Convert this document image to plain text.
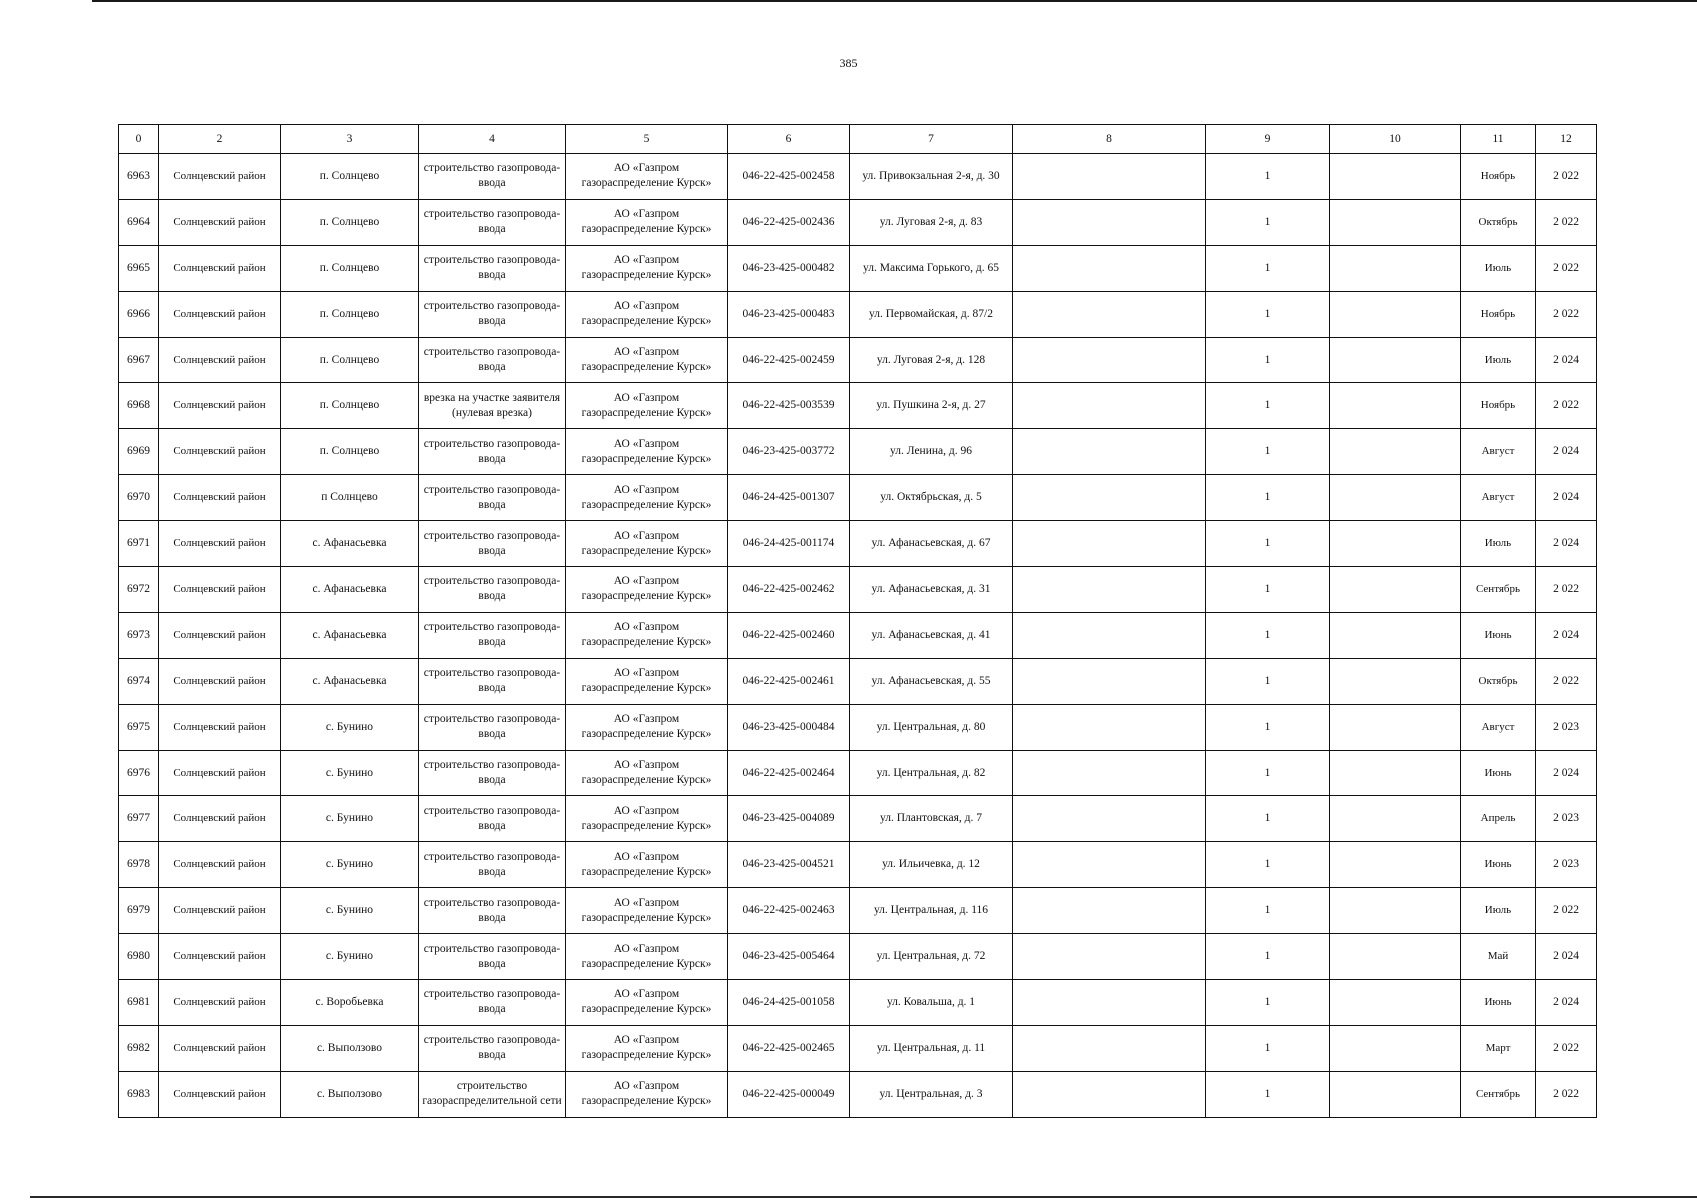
385
0	2	3	4	5	6	7	8	9	10	11	12
6963	Солнцевский район	п. Солнцево	строительство газопровода-ввода	АО «Газпром газораспределение Курск»	046-22-425-002458	ул. Привокзальная 2-я, д. 30		1		Ноябрь	2 022
6964	Солнцевский район	п. Солнцево	строительство газопровода-ввода	АО «Газпром газораспределение Курск»	046-22-425-002436	ул. Луговая 2-я, д. 83		1		Октябрь	2 022
6965	Солнцевский район	п. Солнцево	строительство газопровода-ввода	АО «Газпром газораспределение Курск»	046-23-425-000482	ул. Максима Горького, д. 65		1		Июль	2 022
6966	Солнцевский район	п. Солнцево	строительство газопровода-ввода	АО «Газпром газораспределение Курск»	046-23-425-000483	ул. Первомайская, д. 87/2		1		Ноябрь	2 022
6967	Солнцевский район	п. Солнцево	строительство газопровода-ввода	АО «Газпром газораспределение Курск»	046-22-425-002459	ул. Луговая 2-я, д. 128		1		Июль	2 024
6968	Солнцевский район	п. Солнцево	врезка на участке заявителя (нулевая врезка)	АО «Газпром газораспределение Курск»	046-22-425-003539	ул. Пушкина 2-я, д. 27		1		Ноябрь	2 022
6969	Солнцевский район	п. Солнцево	строительство газопровода-ввода	АО «Газпром газораспределение Курск»	046-23-425-003772	ул. Ленина, д. 96		1		Август	2 024
6970	Солнцевский район	п Солнцево	строительство газопровода-ввода	АО «Газпром газораспределение Курск»	046-24-425-001307	ул. Октябрьская, д. 5		1		Август	2 024
6971	Солнцевский район	с. Афанасьевка	строительство газопровода-ввода	АО «Газпром газораспределение Курск»	046-24-425-001174	ул. Афанасьевская, д. 67		1		Июль	2 024
6972	Солнцевский район	с. Афанасьевка	строительство газопровода-ввода	АО «Газпром газораспределение Курск»	046-22-425-002462	ул. Афанасьевская, д. 31		1		Сентябрь	2 022
6973	Солнцевский район	с. Афанасьевка	строительство газопровода-ввода	АО «Газпром газораспределение Курск»	046-22-425-002460	ул. Афанасьевская, д. 41		1		Июнь	2 024
6974	Солнцевский район	с. Афанасьевка	строительство газопровода-ввода	АО «Газпром газораспределение Курск»	046-22-425-002461	ул. Афанасьевская, д. 55		1		Октябрь	2 022
6975	Солнцевский район	с. Бунино	строительство газопровода-ввода	АО «Газпром газораспределение Курск»	046-23-425-000484	ул. Центральная, д. 80		1		Август	2 023
6976	Солнцевский район	с. Бунино	строительство газопровода-ввода	АО «Газпром газораспределение Курск»	046-22-425-002464	ул. Центральная, д. 82		1		Июнь	2 024
6977	Солнцевский район	с. Бунино	строительство газопровода-ввода	АО «Газпром газораспределение Курск»	046-23-425-004089	ул. Плантовская, д. 7		1		Апрель	2 023
6978	Солнцевский район	с. Бунино	строительство газопровода-ввода	АО «Газпром газораспределение Курск»	046-23-425-004521	ул. Ильичевка, д. 12		1		Июнь	2 023
6979	Солнцевский район	с. Бунино	строительство газопровода-ввода	АО «Газпром газораспределение Курск»	046-22-425-002463	ул. Центральная, д. 116		1		Июль	2 022
6980	Солнцевский район	с. Бунино	строительство газопровода-ввода	АО «Газпром газораспределение Курск»	046-23-425-005464	ул. Центральная, д. 72		1		Май	2 024
6981	Солнцевский район	с. Воробьевка	строительство газопровода-ввода	АО «Газпром газораспределение Курск»	046-24-425-001058	ул. Ковальша, д. 1		1		Июнь	2 024
6982	Солнцевский район	с. Выползово	строительство газопровода-ввода	АО «Газпром газораспределение Курск»	046-22-425-002465	ул. Центральная, д. 11		1		Март	2 022
6983	Солнцевский район	с. Выползово	строительство газораспределительной сети	АО «Газпром газораспределение Курск»	046-22-425-000049	ул. Центральная, д. 3		1		Сентябрь	2 022
